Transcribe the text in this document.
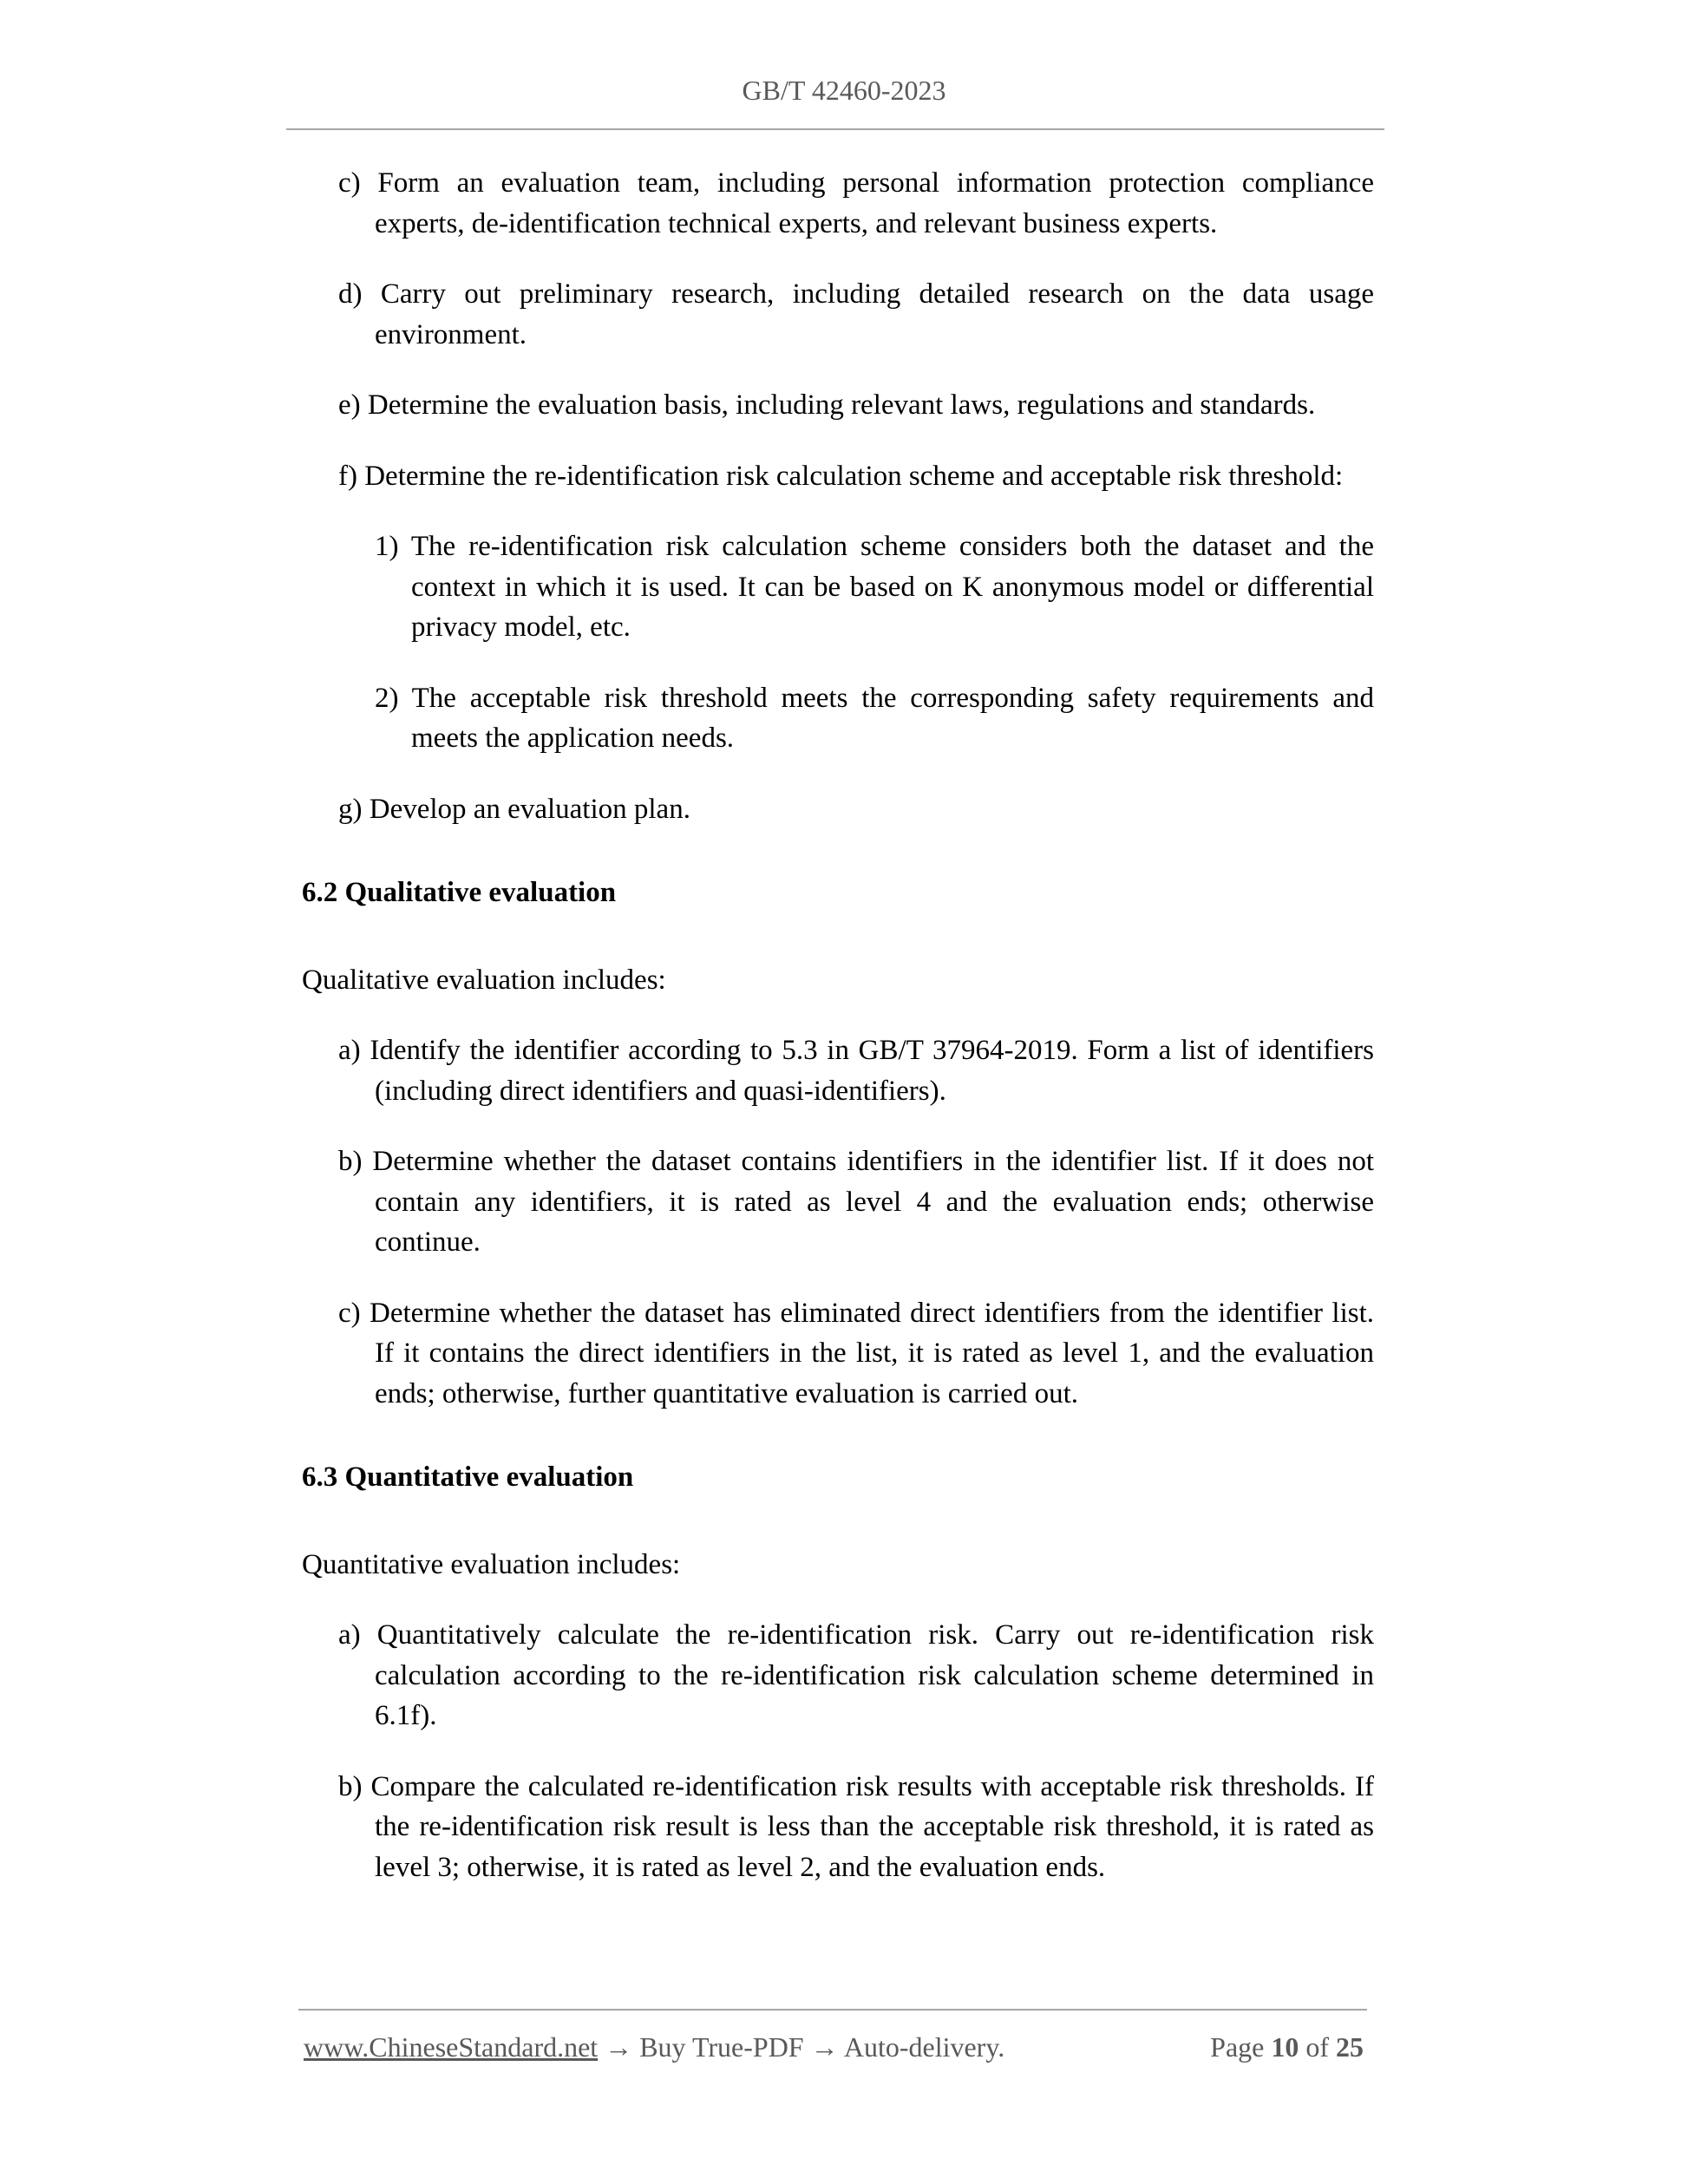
GB/T 42460-2023

c) Form an evaluation team, including personal information protection compliance experts, de-identification technical experts, and relevant business experts.

d) Carry out preliminary research, including detailed research on the data usage environment.

e) Determine the evaluation basis, including relevant laws, regulations and standards.

f) Determine the re-identification risk calculation scheme and acceptable risk threshold:

1) The re-identification risk calculation scheme considers both the dataset and the context in which it is used. It can be based on K anonymous model or differential privacy model, etc.

2) The acceptable risk threshold meets the corresponding safety requirements and meets the application needs.

g) Develop an evaluation plan.

6.2 Qualitative evaluation

Qualitative evaluation includes:

a) Identify the identifier according to 5.3 in GB/T 37964-2019. Form a list of identifiers (including direct identifiers and quasi-identifiers).

b) Determine whether the dataset contains identifiers in the identifier list. If it does not contain any identifiers, it is rated as level 4 and the evaluation ends; otherwise continue.

c) Determine whether the dataset has eliminated direct identifiers from the identifier list. If it contains the direct identifiers in the list, it is rated as level 1, and the evaluation ends; otherwise, further quantitative evaluation is carried out.

6.3 Quantitative evaluation

Quantitative evaluation includes:

a) Quantitatively calculate the re-identification risk. Carry out re-identification risk calculation according to the re-identification risk calculation scheme determined in 6.1f).

b) Compare the calculated re-identification risk results with acceptable risk thresholds. If the re-identification risk result is less than the acceptable risk threshold, it is rated as level 3; otherwise, it is rated as level 2, and the evaluation ends.

www.ChineseStandard.net → Buy True-PDF → Auto-delivery.	Page 10 of 25
